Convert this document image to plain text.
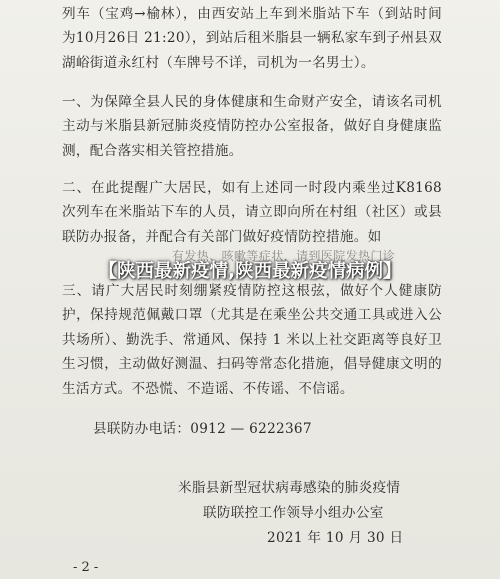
列车（宝鸡→榆林），由西安站上车到米脂站下车（到站时间为10月26日 21:20），到站后租米脂县一辆私家车到子州县双湖峪街道永红村（车牌号不详，司机为一名男士）。

一、为保障全县人民的身体健康和生命财产安全，请该名司机主动与米脂县新冠肺炎疫情防控办公室报备，做好自身健康监测，配合落实相关管控措施。

二、在此提醒广大居民，如有上述同一时段内乘坐过K8168 次列车在米脂站下车的人员，请立即向所在村组（社区）或县联防办报备，并配合有关部门做好疫情防控措施。如

有发热、咳嗽等症状，请到医院发热门诊

三、请广大居民时刻绷紧疫情防控这根弦，做好个人健康防护，保持规范佩戴口罩（尤其是在乘坐公共交通工具或进入公共场所）、勤洗手、常通风、保持 1 米以上社交距离等良好卫生习惯，主动做好测温、扫码等常态化措施，倡导健康文明的生活方式。不恐慌、不造谣、不传谣、不信谣。

县联防办电话：0912 — 6222367
米脂县新型冠状病毒感染的肺炎疫情
联防联控工作领导小组办公室
2021 年 10 月 30 日
- 2 -
【陕西最新疫情,陕西最新疫情病例】
